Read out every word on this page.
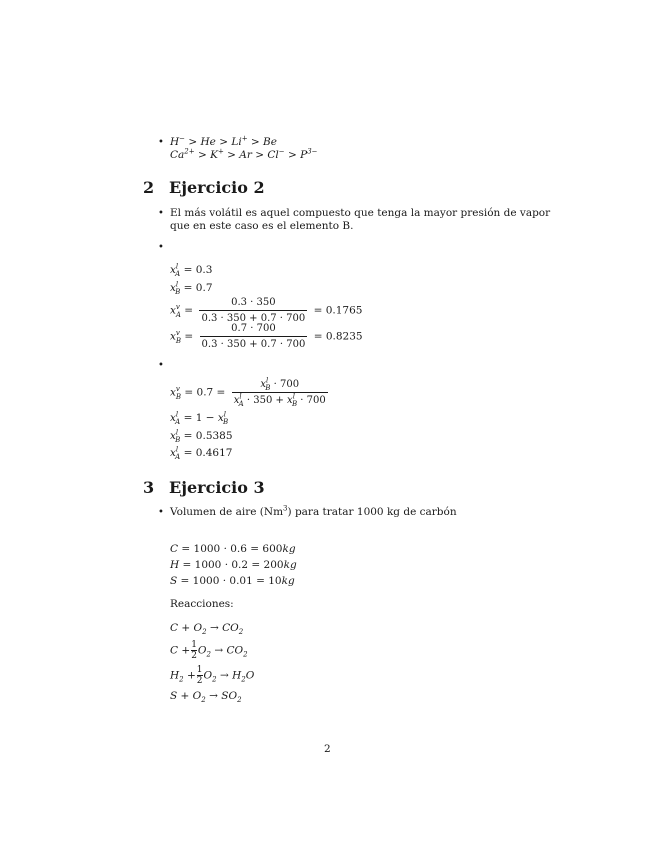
• H− > He > Li+ > Be
$Ca^{2+} > K^+ > Ar > Cl^- > P^{3-}$
2 Ejercicio 2
• El más volátil es aquel compuesto que tenga la mayor presión de vapor
que en este caso es el elemento B.
•
$x^l_A = 0.3$
$x^l_B = 0.7$
$x^v_A = \frac{0.3 \cdot 350}{0.3 \cdot 350 + 0.7 \cdot 700} = 0.1765$
$x^v_B = \frac{0.7 \cdot 700}{0.3 \cdot 350 + 0.7 \cdot 700} = 0.8235$
•
$x^v_B = 0.7 = \frac{x^l_B \cdot 700}{x^l_A \cdot 350 + x^l_B \cdot 700}$
$x^l_A = 1 - x^l_B$
$x^l_B = 0.5385$
$x^l_A = 0.4617$
3 Ejercicio 3
• Volumen de aire (Nm$^3$) para tratar 1000 kg de carbón
C = 1000 · 0.6 = 600kg
H = 1000 · 0.2 = 200kg
S = 1000 · 0.01 = 10kg
Reacciones:
$C + O_2 \to CO_2$
$C + \frac{1}{2} O_2 \to CO_2$
$H_2 + \frac{1}{2} O_2 \to H_2O$
$S + O_2 \to SO_2$
2
